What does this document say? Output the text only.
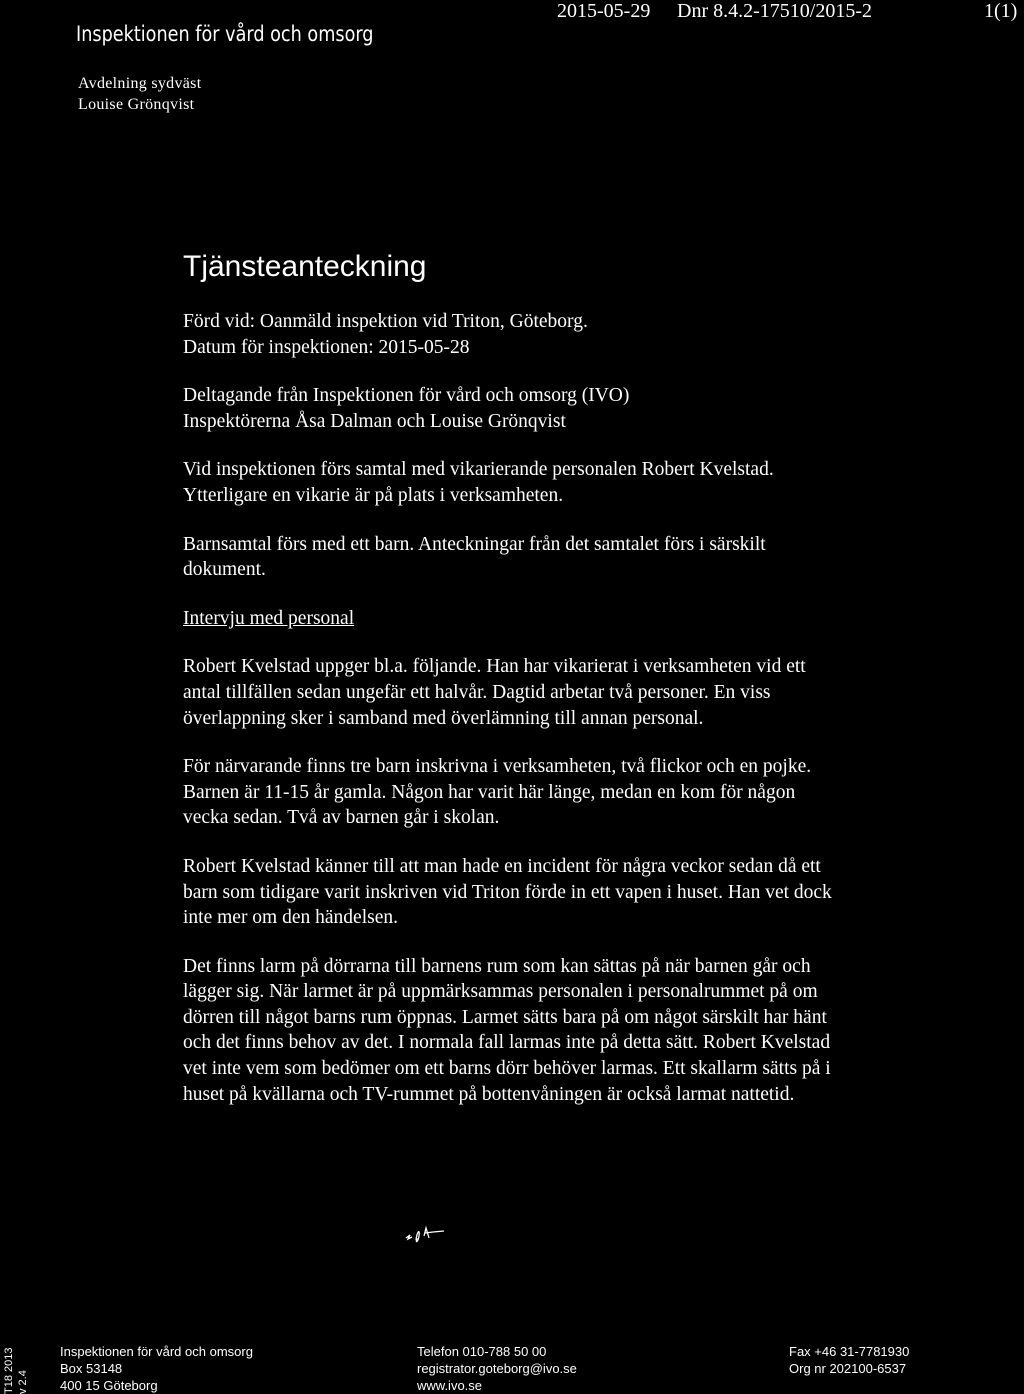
Inspektionen för vård och omsorg
2015-05-29 Dnr 8.4.2-17510/2015-2	1(1)
Avdelning sydväst
Louise Grönqvist
Tjänsteanteckning

Förd vid: Oanmäld inspektion vid Triton, Göteborg.
Datum för inspektionen: 2015-05-28

Deltagande från Inspektionen för vård och omsorg (IVO)
Inspektörerna Åsa Dalman och Louise Grönqvist

Vid inspektionen förs samtal med vikarierande personalen Robert Kvelstad. Ytterligare en vikarie är på plats i verksamheten.

Barnsamtal förs med ett barn. Anteckningar från det samtalet förs i särskilt dokument.

Intervju med personal

Robert Kvelstad uppger bl.a. följande. Han har vikarierat i verksamheten vid ett antal tillfällen sedan ungefär ett halvår. Dagtid arbetar två personer. En viss överlappning sker i samband med överlämning till annan personal.

För närvarande finns tre barn inskrivna i verksamheten, två flickor och en pojke. Barnen är 11-15 år gamla. Någon har varit här länge, medan en kom för någon vecka sedan. Två av barnen går i skolan.

Robert Kvelstad känner till att man hade en incident för några veckor sedan då ett barn som tidigare varit inskriven vid Triton förde in ett vapen i huset. Han vet dock inte mer om den händelsen.

Det finns larm på dörrarna till barnens rum som kan sättas på när barnen går och lägger sig. När larmet är på uppmärksammas personalen i personalrummet på om dörren till något barns rum öppnas. Larmet sätts bara på om något särskilt har hänt och det finns behov av det. I normala fall larmas inte på detta sätt. Robert Kvelstad vet inte vem som bedömer om ett barns dörr behöver larmas. Ett skallarm sätts på i huset på kvällarna och TV-rummet på bottenvåningen är också larmat nattetid.

Inspektionen för vård och omsorg
Box 53148
400 15 Göteborg
Telefon 010-788 50 00
registrator.goteborg@ivo.se
www.ivo.se
Fax +46 31-7781930
Org nr 202100-6537
T18 2013 v 2.4
